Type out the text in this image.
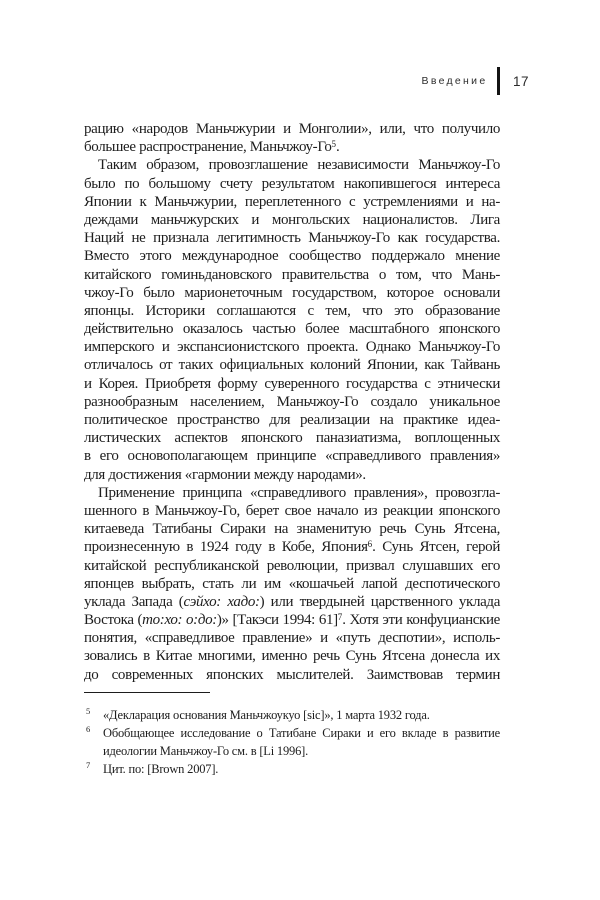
Введение 17
рацию «народов Маньчжурии и Монголии», или, что получило
большее распространение, Маньчжоу-$Го^5$.
Таким образом, провозглашение независимости Маньчжоу-Го
было по большому счету результатом накопившегося интереса
Японии к Маньчжурии, переплетенного с устремлениями и на-
деждами маньчжурских и монгольских националистов. Лига
Наций не признала легитимность Маньчжоу-Го как государства.
Вместо этого международное сообщество поддержало мнение
китайского гоминьдановского правительства о том, что Мань-
чжоу-Го было марионеточным государством, которое основали
японцы. Историки соглашаются с тем, что это образование
действительно оказалось частью более масштабного японского
имперского и экспансионистского проекта. Однако Маньчжоу-Го
отличалось от таких официальных колоний Японии, как Тайвань
и Корея. Приобретя форму суверенного государства с этнически
разнообразным населением, Маньчжоу-Го создало уникальное
политическое пространство для реализации на практике идеа-
листических аспектов японского паназиатизма, воплощенных
в его основополагающем принципе «справедливого правления»
для достижения «гармонии между народами».
Применение принципа «справедливого правления», провозгла-
шенного в Маньчжоу-Го, берет свое начало из реакции японского
китаеведа Татибаны Сираки на знаменитую речь Сунь Ятсена,
произнесенную в 1924 году в Кобе, Япония$^6$. Сунь Ятсен, герой
китайской республиканской революции, призвал слушавших его
японцев выбрать, стать ли им «кошачьей лапой деспотического
уклада Запада (сэйхо: хадо:) или твердыней царственного уклада
Востока (то:хо: о:до:)» [Такэси 1994: 61]$^7$. Хотя эти конфуцианские
понятия, «справедливое правление» и «путь деспотии», исполь-
зовались в Китае многими, именно речь Сунь Ятсена донесла их
до современных японских мыслителей. Заимствовав термин
5 «Декларация основания Маньчжоукуо [sic]», 1 марта 1932 года.
6 Обобщающее исследование о Татибане Сираки и его вкладе в развитие
идеологии Маньчжоу-Го см. в [Li 1996].
7 Цит. по: [Brown 2007].
